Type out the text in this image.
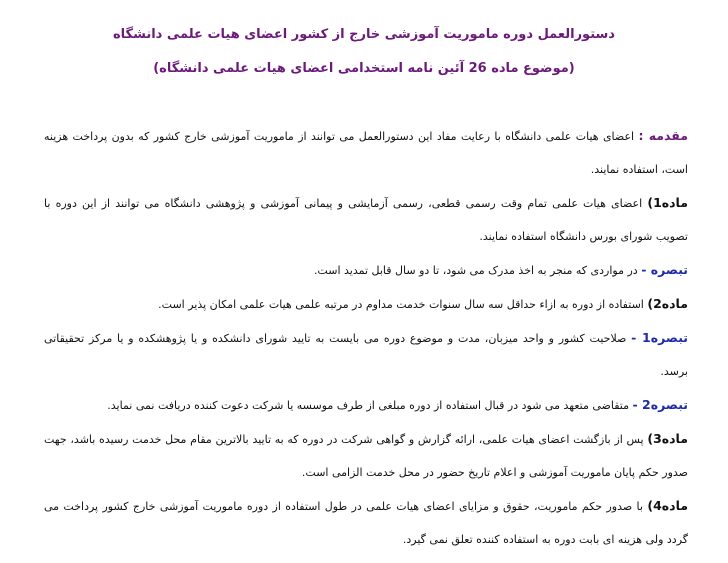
دستورالعمل دوره ماموریت آموزشی خارج از کشور اعضای هیات علمی دانشگاه
(موضوع ماده 26 آئین نامه استخدامی اعضای هیات علمی دانشگاه)

مقدمه : اعضای هیات علمی دانشگاه با رعایت مفاد این دستورالعمل می توانند از ماموریت آموزشی خارج کشور که بدون پرداخت هزینه است، استفاده نمایند.

ماده1) اعضای هیات علمی تمام وقت رسمی قطعی، رسمی آزمایشی و پیمانی آموزشی و پژوهشی دانشگاه می توانند از این دوره با تصویب شورای بورس دانشگاه استفاده نمایند.

تبصره - در مواردی که منجر به اخذ مدرک می شود، تا دو سال قابل تمدید است.

ماده2) استفاده از دوره به ازاء حداقل سه سال سنوات خدمت مداوم در مرتبه علمی هیات علمی امکان پذیر است.

تبصره1 - صلاحیت کشور و واحد میزبان، مدت و موضوع دوره می بایست به تایید شورای دانشکده و یا پژوهشکده و یا مرکز تحقیقاتی برسد.

تبصره2 - متقاضی متعهد می شود در قبال استفاده از دوره مبلغی از طرف موسسه یا شرکت دعوت کننده دریافت نمی نماید.

ماده3) پس از بازگشت اعضای هیات علمی، ارائه گزارش و گواهی شرکت در دوره که به تایید بالاترین مقام محل خدمت رسیده باشد، جهت صدور حکم پایان ماموریت آموزشی و اعلام تاریخ حضور در محل خدمت الزامی است.

ماده4) با صدور حکم ماموریت، حقوق و مزایای اعضای هیات علمی در طول استفاده از دوره ماموریت آموزشی خارج کشور پرداخت می گردد ولی هزینه ای بابت دوره به استفاده کننده تعلق نمی گیرد.
